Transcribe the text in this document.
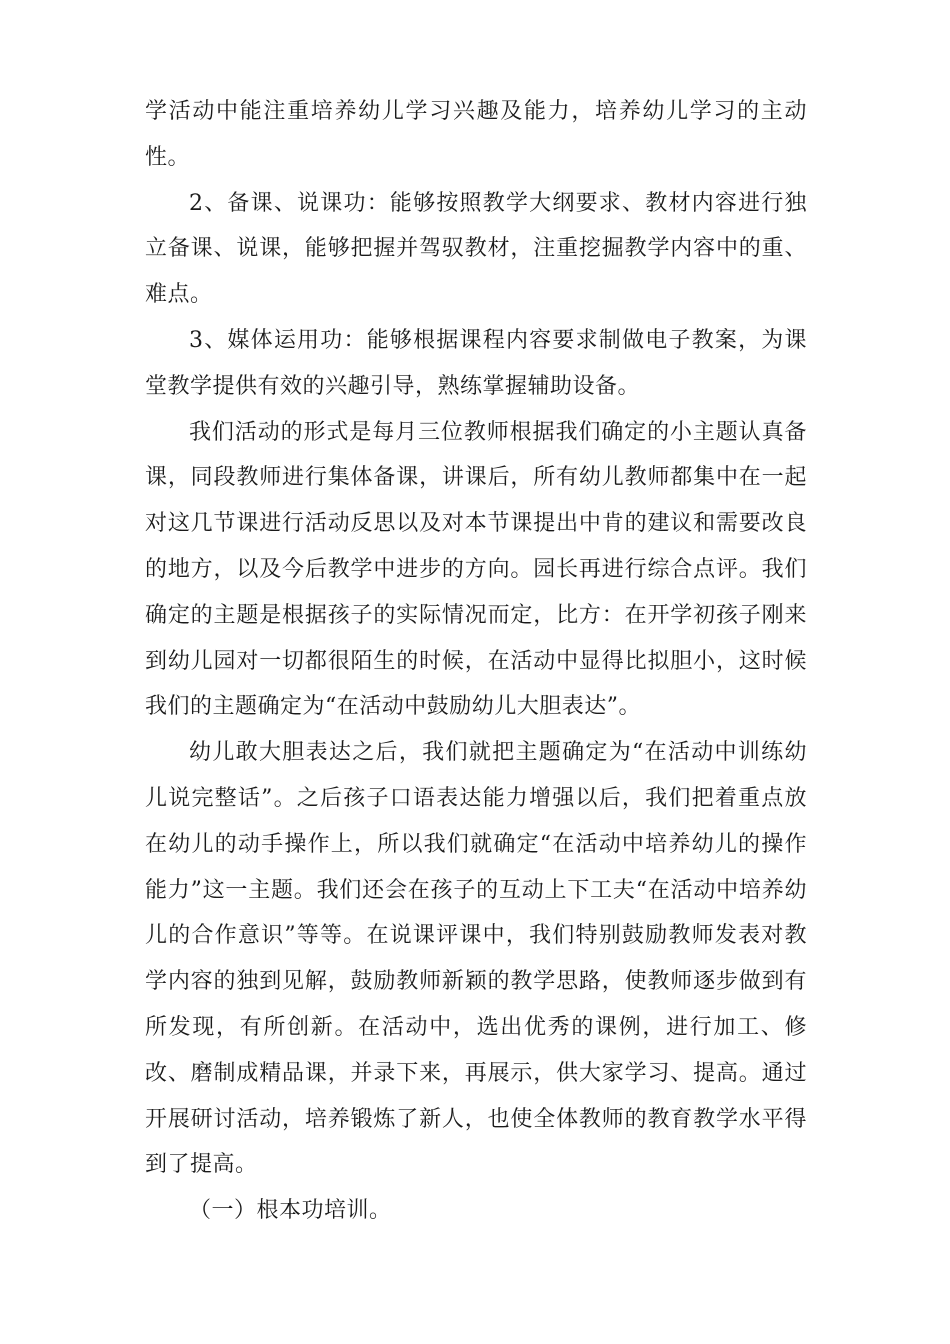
学活动中能注重培养幼儿学习兴趣及能力，培养幼儿学习的主动性。

2、备课、说课功：能够按照教学大纲要求、教材内容进行独立备课、说课，能够把握并驾驭教材，注重挖掘教学内容中的重、难点。

3、媒体运用功：能够根据课程内容要求制做电子教案，为课堂教学提供有效的兴趣引导，熟练掌握辅助设备。

我们活动的形式是每月三位教师根据我们确定的小主题认真备课，同段教师进行集体备课，讲课后，所有幼儿教师都集中在一起对这几节课进行活动反思以及对本节课提出中肯的建议和需要改良的地方，以及今后教学中进步的方向。园长再进行综合点评。我们确定的主题是根据孩子的实际情况而定，比方：在开学初孩子刚来到幼儿园对一切都很陌生的时候，在活动中显得比拟胆小，这时候我们的主题确定为“在活动中鼓励幼儿大胆表达”。

幼儿敢大胆表达之后，我们就把主题确定为“在活动中训练幼儿说完整话”。之后孩子口语表达能力增强以后，我们把着重点放在幼儿的动手操作上，所以我们就确定“在活动中培养幼儿的操作能力”这一主题。我们还会在孩子的互动上下工夫“在活动中培养幼儿的合作意识”等等。在说课评课中，我们特别鼓励教师发表对教学内容的独到见解，鼓励教师新颖的教学思路，使教师逐步做到有所发现，有所创新。在活动中，选出优秀的课例，进行加工、修改、磨制成精品课，并录下来，再展示，供大家学习、提高。通过开展研讨活动，培养锻炼了新人，也使全体教师的教育教学水平得到了提高。

（一）根本功培训。
